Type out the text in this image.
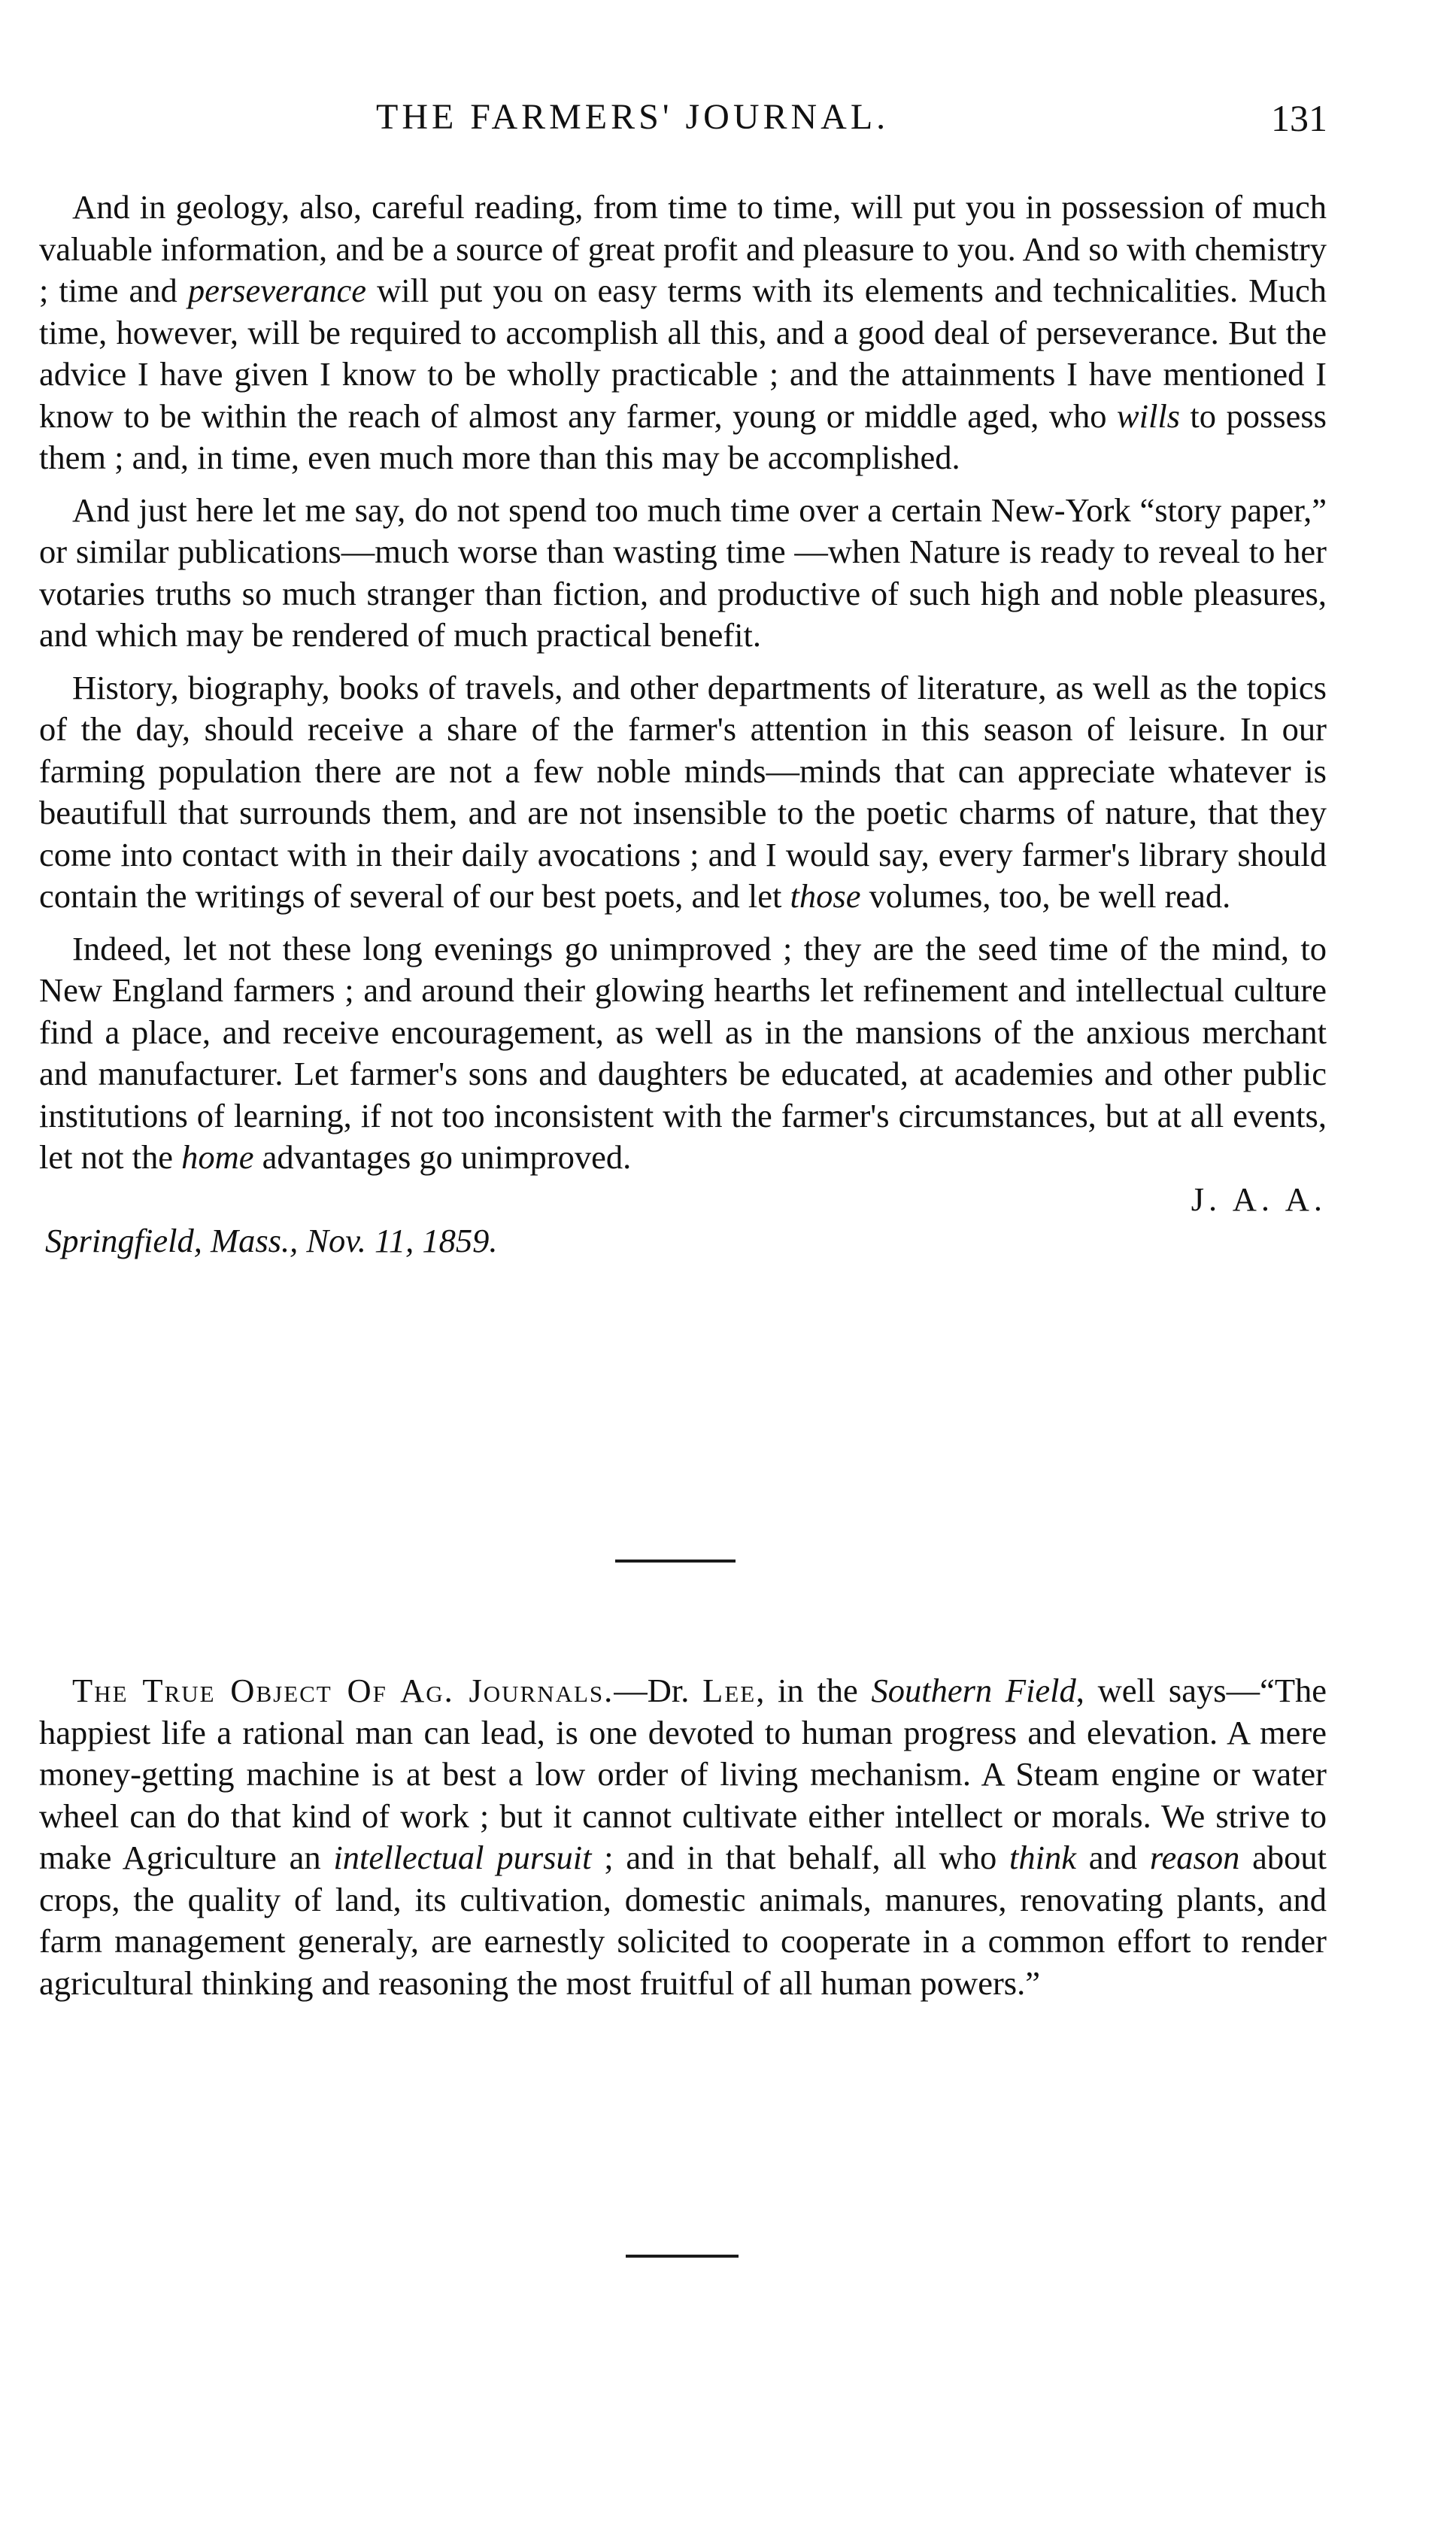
THE FARMERS' JOURNAL.	131

And in geology, also, careful reading, from time to time, will put you in possession of much valuable information, and be a source of great profit and pleasure to you. And so with chemistry ; time and perseverance will put you on easy terms with its elements and technicalities. Much time, however, will be required to accomplish all this, and a good deal of perseverance. But the advice I have given I know to be wholly practicable ; and the attainments I have mentioned I know to be within the reach of almost any farmer, young or middle aged, who wills to possess them ; and, in time, even much more than this may be accomplished.

And just here let me say, do not spend too much time over a certain New-York “story paper,” or similar publications—much worse than wasting time —when Nature is ready to reveal to her votaries truths so much stranger than fiction, and productive of such high and noble pleasures, and which may be rendered of much practical benefit.

History, biography, books of travels, and other departments of literature, as well as the topics of the day, should receive a share of the farmer's attention in this season of leisure. In our farming population there are not a few noble minds—minds that can appreciate whatever is beautifull that surrounds them, and are not insensible to the poetic charms of nature, that they come into contact with in their daily avocations ; and I would say, every farmer's library should contain the writings of several of our best poets, and let those volumes, too, be well read.

Indeed, let not these long evenings go unimproved ; they are the seed time of the mind, to New England farmers ; and around their glowing hearths let refinement and intellectual culture find a place, and receive encouragement, as well as in the mansions of the anxious merchant and manufacturer. Let farmer's sons and daughters be educated, at academies and other public institutions of learning, if not too inconsistent with the farmer's circumstances, but at all events, let not the home advantages go unimproved.

J. A. A.

Springfield, Mass., Nov. 11, 1859.

The True Object Of Ag. Journals.—Dr. Lee, in the Southern Field, well says—“The happiest life a rational man can lead, is one devoted to human progress and elevation. A mere money-getting machine is at best a low order of living mechanism. A Steam engine or water wheel can do that kind of work ; but it cannot cultivate either intellect or morals. We strive to make Agriculture an intellectual pursuit ; and in that behalf, all who think and reason about crops, the quality of land, its cultivation, domestic animals, manures, renovating plants, and farm management generaly, are earnestly solicited to cooperate in a common effort to render agricultural thinking and reasoning the most fruitful of all human powers.”
